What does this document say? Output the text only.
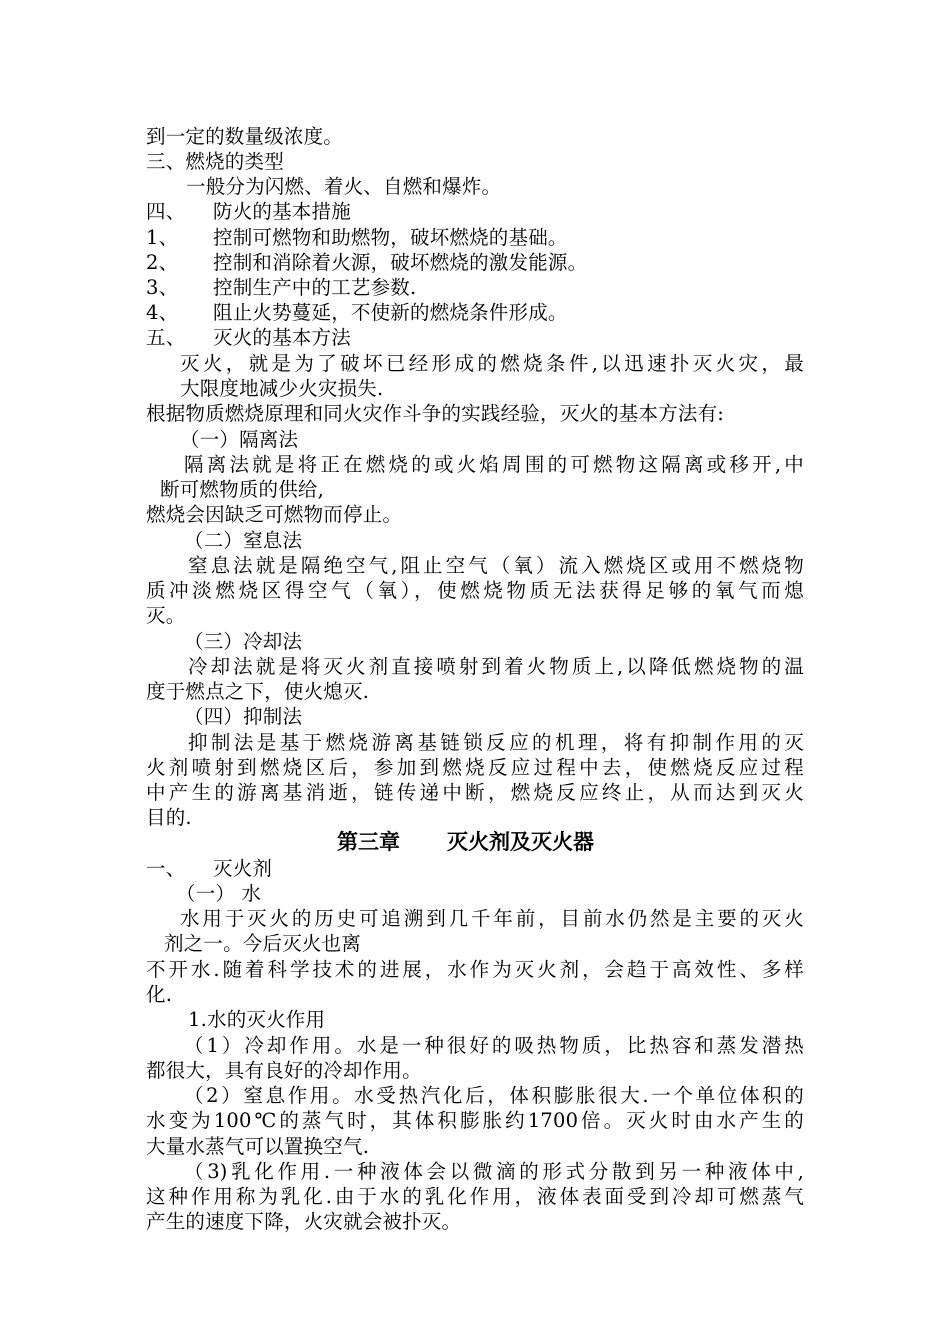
到一定的数量级浓度。
三、燃烧的类型
一般分为闪燃、着火、自燃和爆炸。
四、 防火的基本措施
1、 控制可燃物和助燃物，破坏燃烧的基础。
2、 控制和消除着火源，破坏燃烧的激发能源。
3、 控制生产中的工艺参数.
4、 阻止火势蔓延，不使新的燃烧条件形成。
五、 灭火的基本方法
灭火，就是为了破坏已经形成的燃烧条件,以迅速扑灭火灾，最
大限度地减少火灾损失.
根据物质燃烧原理和同火灾作斗争的实践经验，灭火的基本方法有:
（一）隔离法
隔离法就是将正在燃烧的或火焰周围的可燃物这隔离或移开,中
断可燃物质的供给,
燃烧会因缺乏可燃物而停止。
（二）窒息法
窒息法就是隔绝空气,阻止空气（氧）流入燃烧区或用不燃烧物
质冲淡燃烧区得空气（氧），使燃烧物质无法获得足够的氧气而熄
灭。
（三）冷却法
冷却法就是将灭火剂直接喷射到着火物质上,以降低燃烧物的温
度于燃点之下，使火熄灭.
（四）抑制法
抑制法是基于燃烧游离基链锁反应的机理，将有抑制作用的灭
火剂喷射到燃烧区后，参加到燃烧反应过程中去，使燃烧反应过程
中产生的游离基消逝，链传递中断，燃烧反应终止，从而达到灭火
目的.
第三章 灭火剂及灭火器
一、 灭火剂
（一） 水
水用于灭火的历史可追溯到几千年前，目前水仍然是主要的灭火
剂之一。今后灭火也离
不开水.随着科学技术的进展，水作为灭火剂，会趋于高效性、多样
化.
1.水的灭火作用
（1）冷却作用。水是一种很好的吸热物质，比热容和蒸发潜热
都很大，具有良好的冷却作用。
（2）窒息作用。水受热汽化后，体积膨胀很大.一个单位体积的
水变为100℃的蒸气时，其体积膨胀约1700倍。灭火时由水产生的
大量水蒸气可以置换空气.
（3)乳化作用.一种液体会以微滴的形式分散到另一种液体中,
这种作用称为乳化.由于水的乳化作用，液体表面受到冷却可燃蒸气
产生的速度下降，火灾就会被扑灭。
